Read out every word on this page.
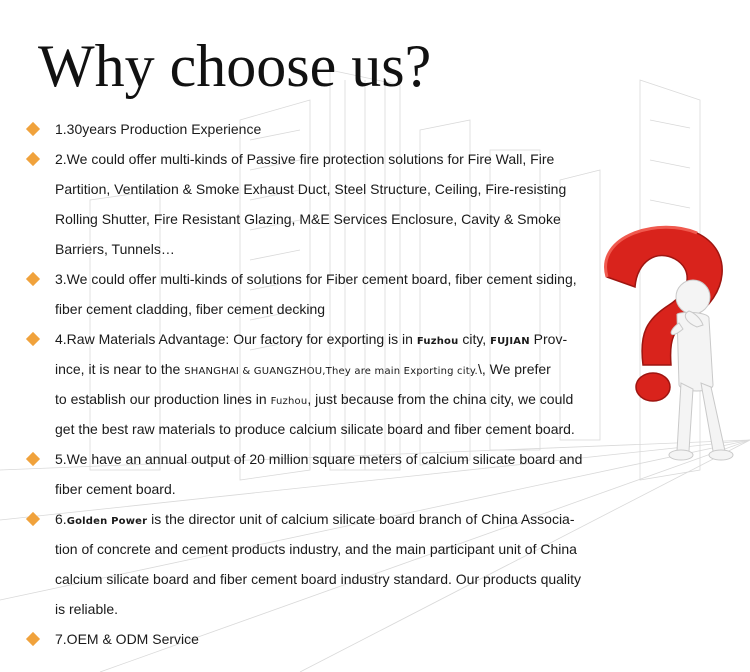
Why choose us?
1.30years Production Experience
2.We could offer multi-kinds of Passive fire protection solutions for Fire Wall, Fire
Partition, Ventilation & Smoke Exhaust Duct, Steel Structure, Ceiling, Fire-resisting
Rolling Shutter, Fire Resistant Glazing, M&E Services Enclosure, Cavity & Smoke
Barriers, Tunnels…
3.We could offer multi-kinds of solutions for Fiber cement board, fiber cement siding,
fiber cement cladding, fiber cement decking
4.Raw Materials Advantage: Our factory for exporting is in Fuzhou city, FUJIAN Prov-
ince, it is near to the SHANGHAI & GUANGZHOU,They are main Exporting city.\, We prefer
to establish our production lines in Fuzhou, just because from the china city, we could
get the best raw materials to produce calcium silicate board and fiber cement board.
5.We have an annual output of 20 million square meters of calcium silicate board and
fiber cement board.
6.Golden Power is the director unit of calcium silicate board branch of China Associa-
tion of concrete and cement products industry, and the main participant unit of China
calcium silicate board and fiber cement board industry standard. Our products quality
is reliable.
7.OEM & ODM Service
